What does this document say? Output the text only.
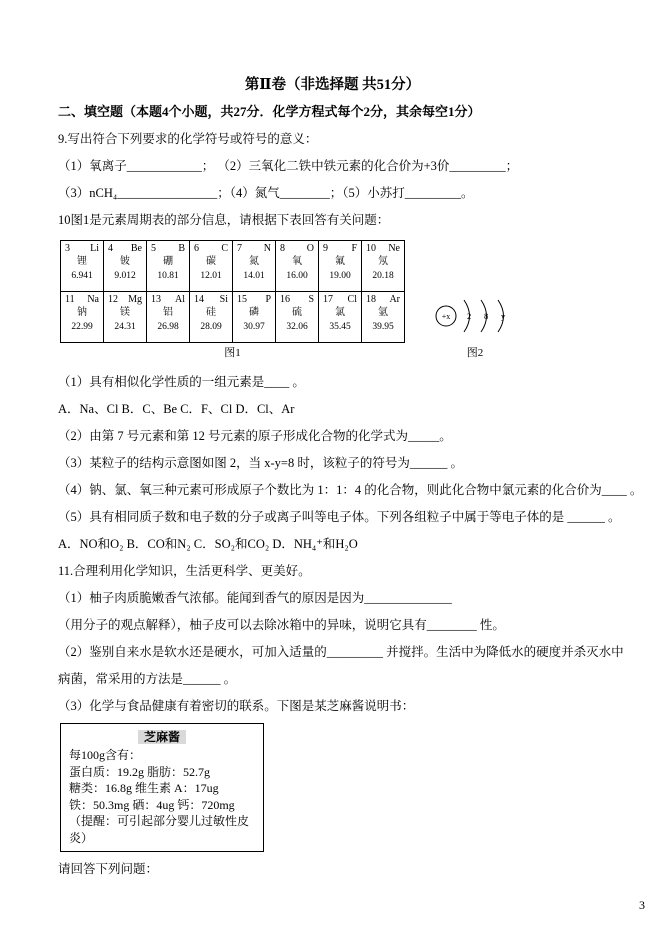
第Ⅱ卷（非选择题 共51分）
二、填空题（本题4个小题，共27分．化学方程式每个2分，其余每空1分）
9.写出符合下列要求的化学符号或符号的意义：
（1）氧离子____________； （2）三氧化二铁中铁元素的化合价为+3价_________；
（3）nCH₄________________；（4）氮气________；（5）小苏打_________。
10图1是元素周期表的部分信息，请根据下表回答有关问题：
3 Li
锂
6.941
4 Be
铍
9.012
5 B
硼
10.81
6 C
碳
12.01
7 N
氮
14.01
8 O
氧
16.00
9 F
氟
19.00
10 Ne
氖
20.18
11 Na
钠
22.99
12 Mg
镁
24.31
13 Al
铝
26.98
14 Si
硅
28.09
15 P
磷
30.97
16 S
硫
32.06
17 Cl
氯
35.45
18 Ar
氩
39.95
图1
+x 2 8 y
图2
（1）具有相似化学性质的一组元素是____ 。
A．Na、Cl B．C、Be C．F、Cl D．Cl、Ar
（2）由第 7 号元素和第 12 号元素的原子形成化合物的化学式为_____。
（3）某粒子的结构示意图如图 2，当 x-y=8 时，该粒子的符号为______ 。
（4）钠、氯、氧三种元素可形成原子个数比为 1：1：4 的化合物，则此化合物中氯元素的化合价为____ 。
（5）具有相同质子数和电子数的分子或离子叫等电子体。下列各组粒子中属于等电子体的是 ______ 。
A．NO和O₂ B．CO和N₂ C．SO₂和CO₂ D．NH₄⁺和H₂O
11.合理利用化学知识，生活更科学、更美好。
（1）柚子肉质脆嫩香气浓郁。能闻到香气的原因是因为______________
（用分子的观点解释），柚子皮可以去除冰箱中的异味，说明它具有________ 性。
（2）鉴别自来水是软水还是硬水，可加入适量的_________ 并搅拌。生活中为降低水的硬度并杀灭水中
病菌，常采用的方法是______ 。
（3）化学与食品健康有着密切的联系。下图是某芝麻酱说明书：
芝麻酱
每100g含有：
蛋白质：19.2g 脂肪：52.7g
糖类：16.8g 维生素 A：17ug
铁：50.3mg 硒：4ug 钙：720mg
（提醒：可引起部分婴儿过敏性皮炎）
请回答下列问题：
3
